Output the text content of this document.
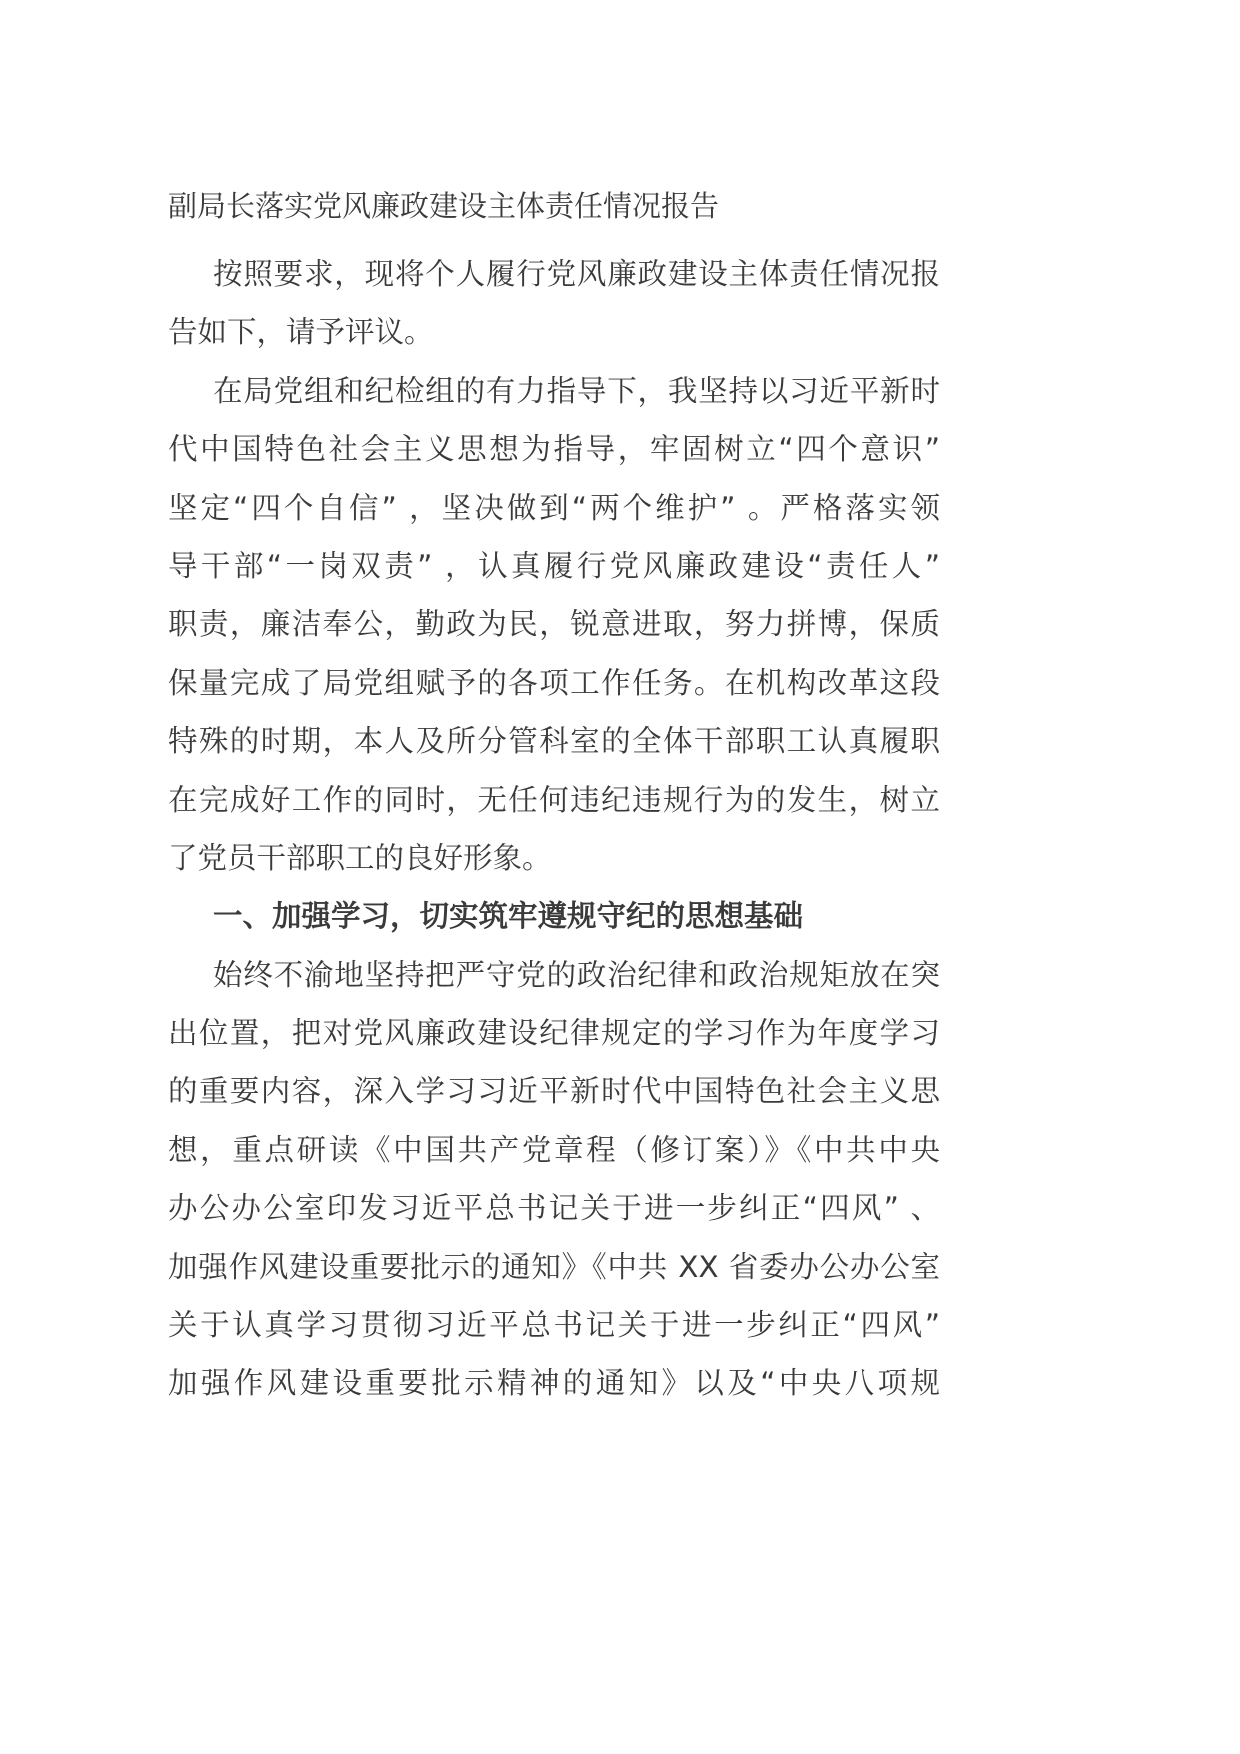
副局长落实党风廉政建设主体责任情况报告
按照要求，现将个人履行党风廉政建设主体责任情况报
告如下，请予评议。
在局党组和纪检组的有力指导下，我坚持以习近平新时
代中国特色社会主义思想为指导，牢固树立“四个意识”
坚定“四个自信” ，坚决做到“两个维护” 。严格落实领
导干部“一岗双责” ，认真履行党风廉政建设“责任人”
职责，廉洁奉公，勤政为民，锐意进取，努力拼博，保质
保量完成了局党组赋予的各项工作任务。在机构改革这段
特殊的时期，本人及所分管科室的全体干部职工认真履职
在完成好工作的同时，无任何违纪违规行为的发生，树立
了党员干部职工的良好形象。
一、加强学习，切实筑牢遵规守纪的思想基础
始终不渝地坚持把严守党的政治纪律和政治规矩放在突
出位置，把对党风廉政建设纪律规定的学习作为年度学习
的重要内容，深入学习习近平新时代中国特色社会主义思
想，重点研读《中国共产党章程（修订案）》《中共中央
办公办公室印发习近平总书记关于进一步纠正“四风” 、
加强作风建设重要批示的通知》《中共 XX 省委办公办公室
关于认真学习贯彻习近平总书记关于进一步纠正“四风”
加强作风建设重要批示精神的通知》以及“中央八项规
